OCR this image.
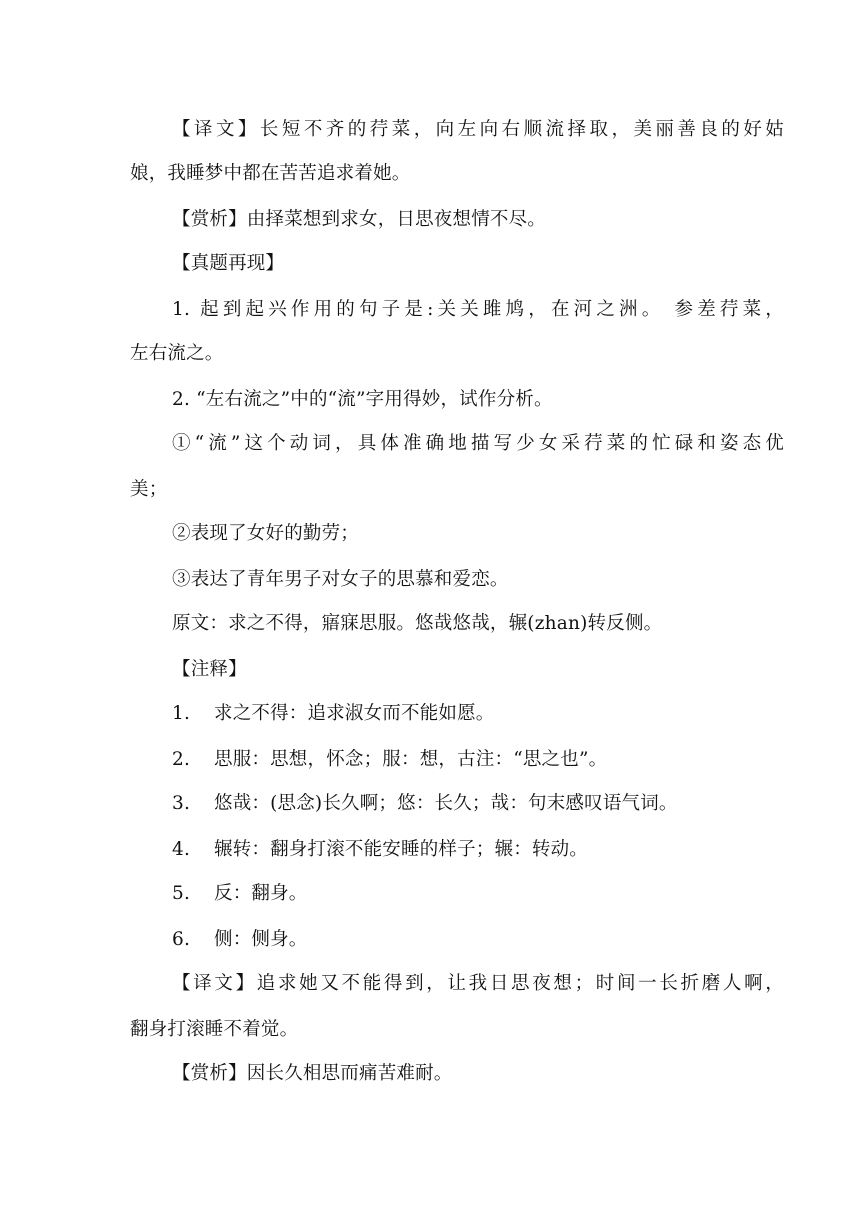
【译文】长短不齐的荇菜，向左向右顺流择取，美丽善良的好姑
娘，我睡梦中都在苦苦追求着她。
【赏析】由择菜想到求女，日思夜想情不尽。
【真题再现】
1. 起到起兴作用的句子是:关关雎鸠，在河之洲。 参差荇菜，
左右流之。
2. “左右流之”中的“流”字用得妙，试作分析。
①“流”这个动词，具体准确地描写少女采荇菜的忙碌和姿态优
美；
②表现了女好的勤劳；
③表达了青年男子对女子的思慕和爱恋。
原文：求之不得，寤寐思服。悠哉悠哉，辗(zhan)转反侧。
【注释】
1. 求之不得：追求淑女而不能如愿。
2. 思服：思想，怀念；服：想，古注：“思之也”。
3. 悠哉：(思念)长久啊；悠：长久；哉：句末感叹语气词。
4. 辗转：翻身打滚不能安睡的样子；辗：转动。
5. 反：翻身。
6. 侧：侧身。
【译文】追求她又不能得到，让我日思夜想；时间一长折磨人啊，
翻身打滚睡不着觉。
【赏析】因长久相思而痛苦难耐。
